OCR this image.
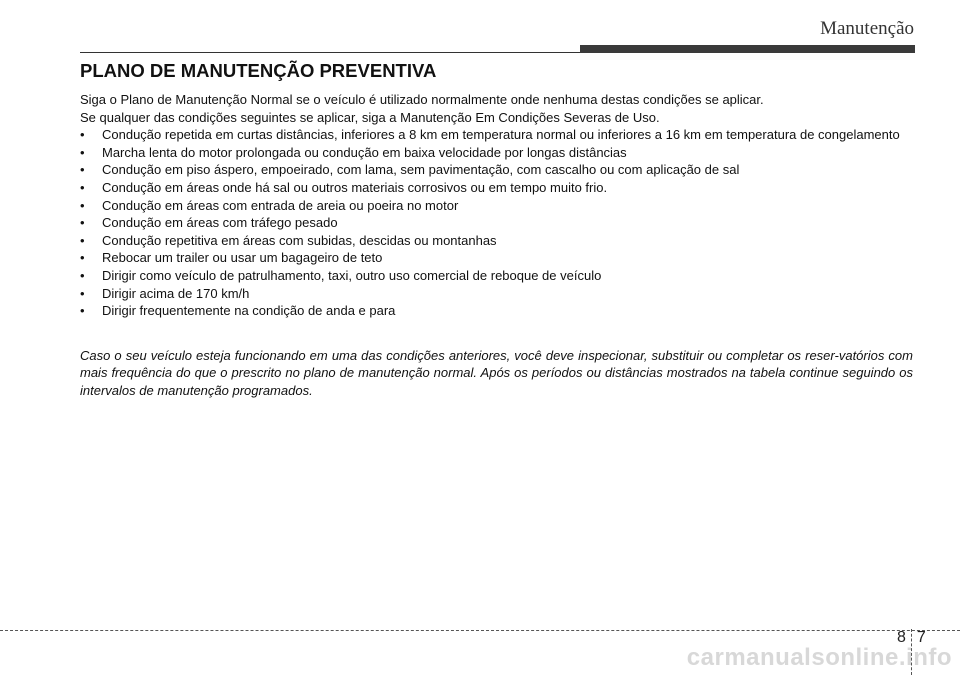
Manutenção
PLANO DE MANUTENÇÃO PREVENTIVA

Siga o Plano de Manutenção Normal se o veículo é utilizado normalmente onde nenhuma destas condições se aplicar.

Se qualquer das condições seguintes se aplicar, siga a Manutenção Em Condições Severas de Uso.

• Condução repetida em curtas distâncias, inferiores a 8 km em temperatura normal ou inferiores a 16 km em temperatura de congelamento
• Marcha lenta do motor prolongada ou condução em baixa velocidade por longas distâncias
• Condução em piso áspero, empoeirado, com lama, sem pavimentação, com cascalho ou com aplicação de sal
• Condução em áreas onde há sal ou outros materiais corrosivos ou em tempo muito frio.
• Condução em áreas com entrada de areia ou poeira no motor
• Condução em áreas com tráfego pesado
• Condução repetitiva em áreas com subidas, descidas ou montanhas
• Rebocar um trailer ou usar um bagageiro de teto
• Dirigir como veículo de patrulhamento, taxi, outro uso comercial de reboque de veículo
• Dirigir acima de 170 km/h
• Dirigir frequentemente na condição de anda e para

Caso o seu veículo esteja funcionando em uma das condições anteriores, você deve inspecionar, substituir ou completar os reser-vatórios com mais frequência do que o prescrito no plano de manutenção normal. Após os períodos ou distâncias mostrados na tabela continue seguindo os intervalos de manutenção programados.

8 7
carmanualsonline.info
